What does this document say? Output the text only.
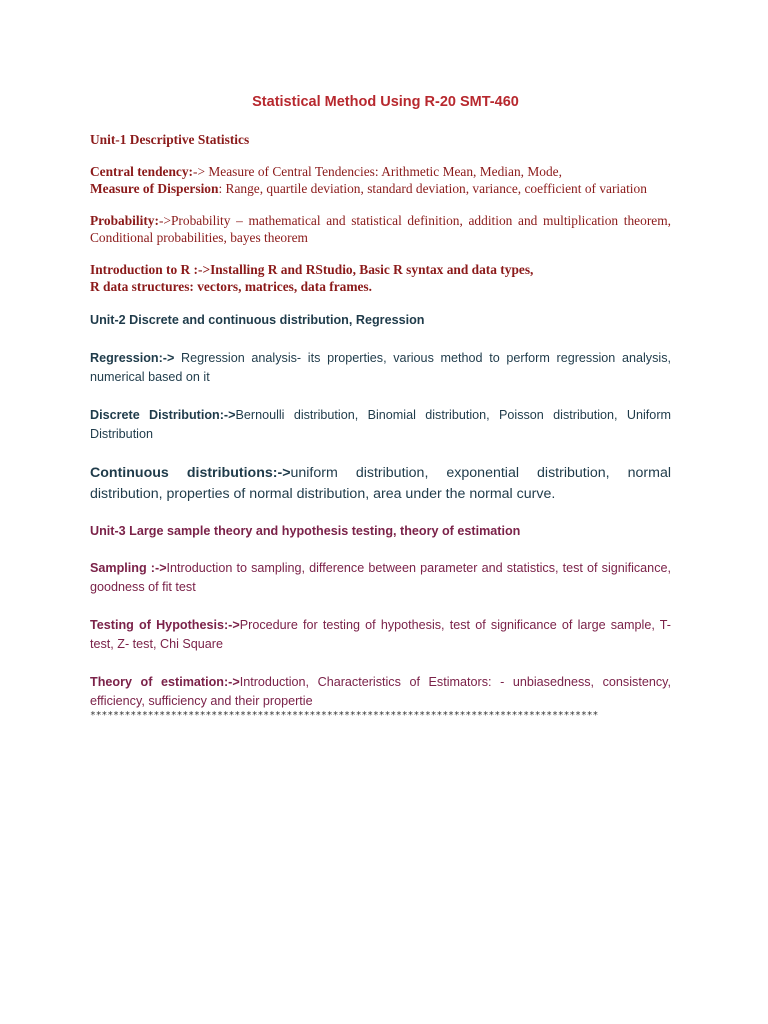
Statistical Method Using R-20 SMT-460
Unit-1 Descriptive Statistics
Central tendency:-> Measure of Central Tendencies: Arithmetic Mean, Median, Mode,
Measure of Dispersion: Range, quartile deviation, standard deviation, variance, coefficient of variation
Probability:->Probability – mathematical and statistical definition, addition and multiplication theorem, Conditional probabilities, bayes theorem
Introduction to R :->Installing R and RStudio, Basic R syntax and data types,
R data structures: vectors, matrices, data frames.
Unit-2 Discrete and continuous distribution, Regression
Regression:-> Regression analysis- its properties, various method to perform regression analysis, numerical based on it
Discrete Distribution:->Bernoulli distribution, Binomial distribution, Poisson distribution, Uniform Distribution
Continuous distributions:->uniform distribution, exponential distribution, normal distribution, properties of normal distribution, area under the normal curve.
Unit-3 Large sample theory and hypothesis testing, theory of estimation
Sampling :->Introduction to sampling, difference between parameter and statistics, test of significance, goodness of fit test
Testing of Hypothesis:->Procedure for testing of hypothesis, test of significance of large sample, T-test, Z- test, Chi Square
Theory of estimation:->Introduction, Characteristics of Estimators: - unbiasedness, consistency, efficiency, sufficiency and their propertie
****************************************************************************************
